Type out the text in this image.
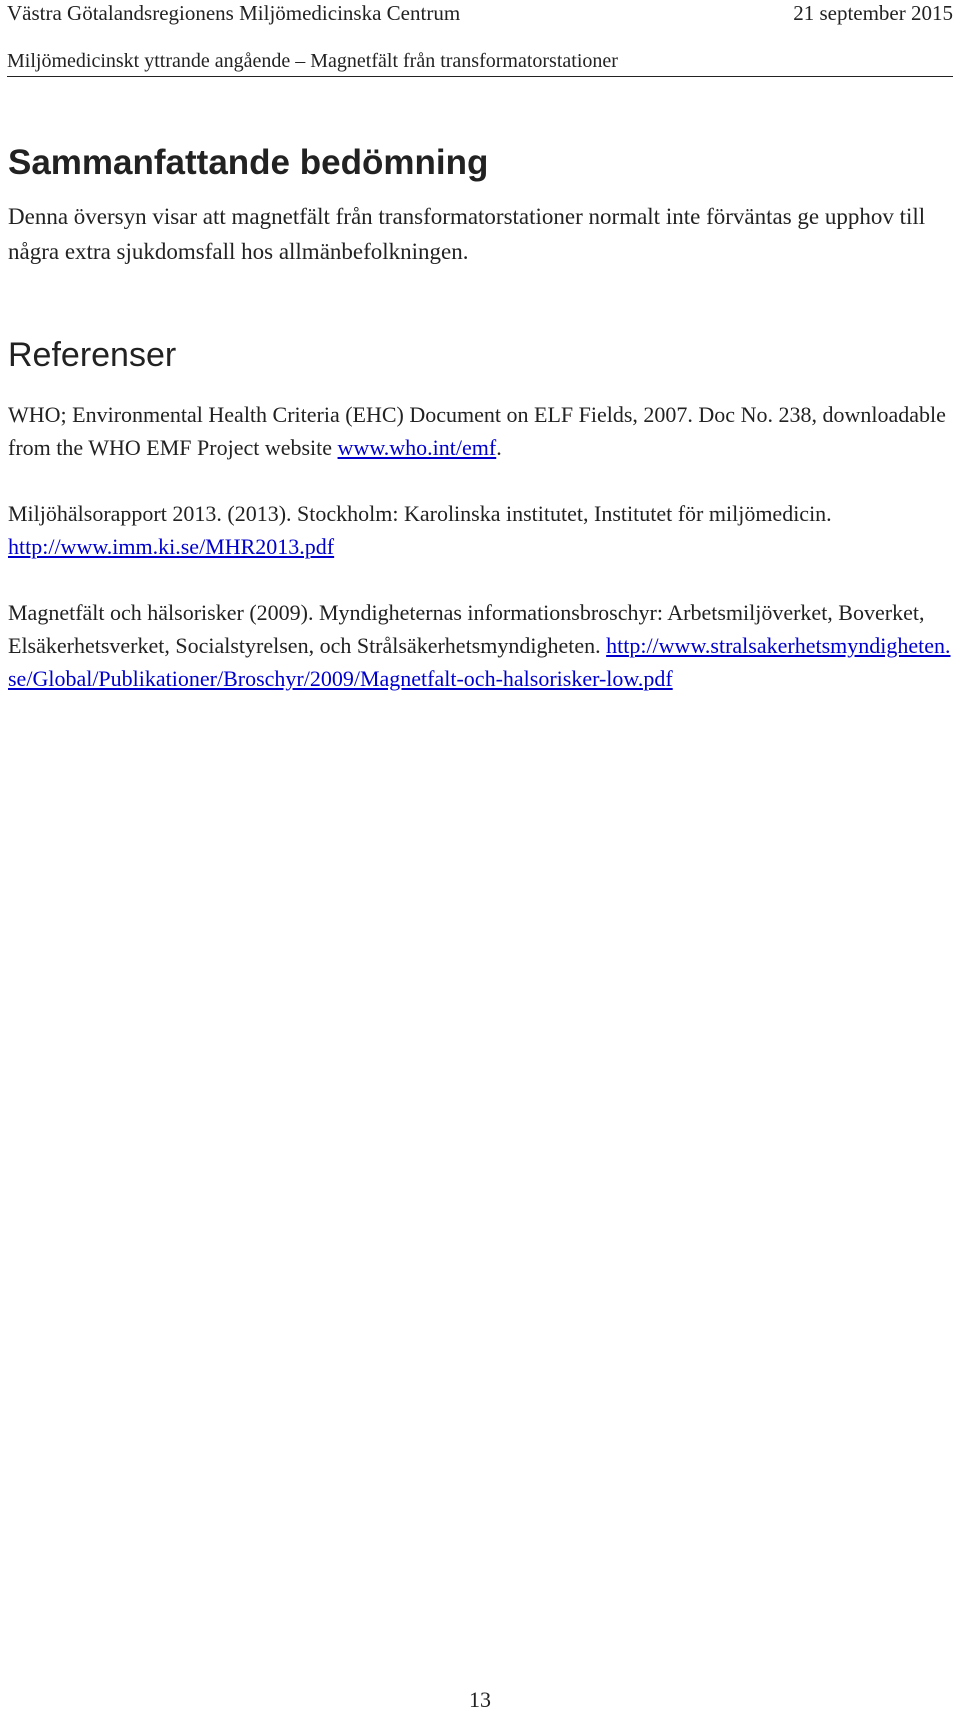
Västra Götalandsregionens Miljömedicinska Centrum	21 september 2015
Miljömedicinskt yttrande angående – Magnetfält från transformatorstationer
Sammanfattande bedömning

Denna översyn visar att magnetfält från transformatorstationer normalt inte förväntas ge upphov till några extra sjukdomsfall hos allmänbefolkningen.

Referenser

WHO; Environmental Health Criteria (EHC) Document on ELF Fields, 2007. Doc No. 238, downloadable from the WHO EMF Project website www.who.int/emf.

Miljöhälsorapport 2013. (2013). Stockholm: Karolinska institutet, Institutet för miljömedicin. http://www.imm.ki.se/MHR2013.pdf

Magnetfält och hälsorisker (2009). Myndigheternas informationsbroschyr: Arbetsmiljöverket, Boverket, Elsäkerhetsverket, Socialstyrelsen, och Strålsäkerhetsmyndigheten. http://www.stralsakerhetsmyndigheten.se/Global/Publikationer/Broschyr/2009/Magnetfalt-och-halsorisker-low.pdf

13
